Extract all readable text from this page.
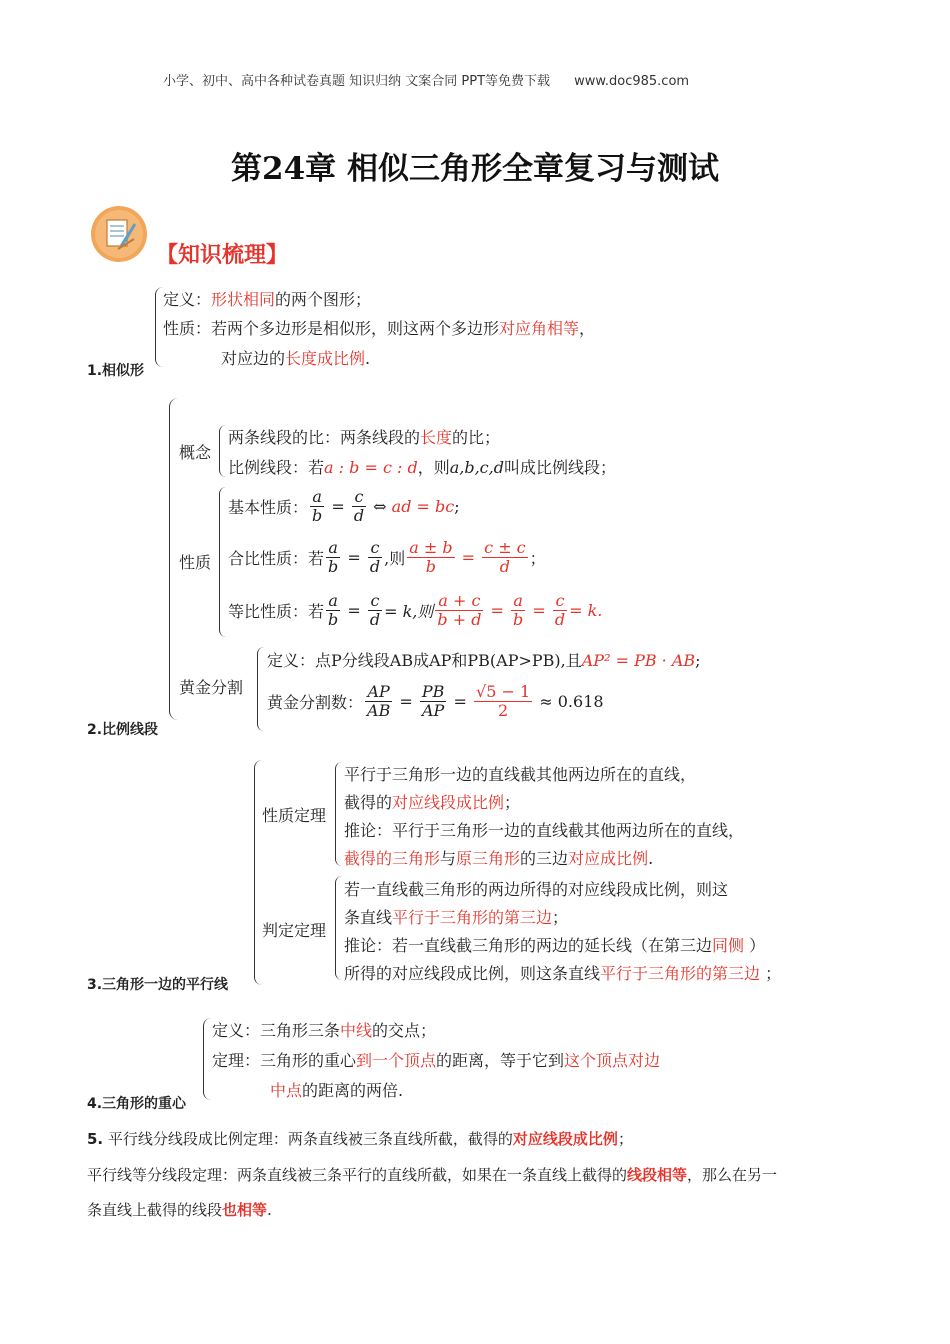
小学、初中、高中各种试卷真题 知识归纳 文案合同 PPT等免费下载 www.doc985.com
第24章 相似三角形全章复习与测试
【知识梳理】
定义：形状相同的两个图形；
性质：若两个多边形是相似形，则这两个多边形对应角相等，
对应边的长度成比例.
1.相似形
概念
两条线段的比：两条线段的长度的比；
比例线段：若a : b = c : d，则a,b,c,d叫成比例线段；
性质
基本性质： $\frac{a}{b} = \frac{c}{d}$ ⇔ ad = bc ;
合比性质： 若 $\frac{a}{b} = \frac{c}{d}$ ,则 $\frac{a \pm b}{b} = \frac{c \pm c}{d}$ ；
等比性质： 若 $\frac{a}{b} = \frac{c}{d} = k$,则 $\frac{a + c}{b + d} = \frac{a}{b} = \frac{c}{d} = k$.
黄金分割
定义：点P分线段AB成AP和PB(AP>PB),且AP² = PB · AB;
黄金分割数： $\frac{AP}{AB} = \frac{PB}{AP} = \frac{√5 - 1}{2}$
≈ 0.618
2.比例线段
性质定理
平行于三角形一边的直线截其他两边所在的直线，
截得的对应线段成比例；
推论：平行于三角形一边的直线截其他两边所在的直线，
截得的三角形与原三角形的三边对应成比例.
判定定理
若一直线截三角形的两边所得的对应线段成比例，则这
条直线平行于三角形的第三边；
推论：若一直线截三角形的两边的延长线（在第三边同侧 ）
所得的对应线段成比例，则这条直线平行于三角形的第三边 ；
3.三角形一边的平行线
定义：三角形三条中线的交点；
定理：三角形的重心到一个顶点的距离，等于它到这个顶点对边
中点的距离的两倍.
4.三角形的重心
5. 平行线分线段成比例定理：两条直线被三条直线所截，截得的对应线段成比例；
平行线等分线段定理：两条直线被三条平行的直线所截，如果在一条直线上截得的线段相等，那么在另一
条直线上截得的线段也相等.
